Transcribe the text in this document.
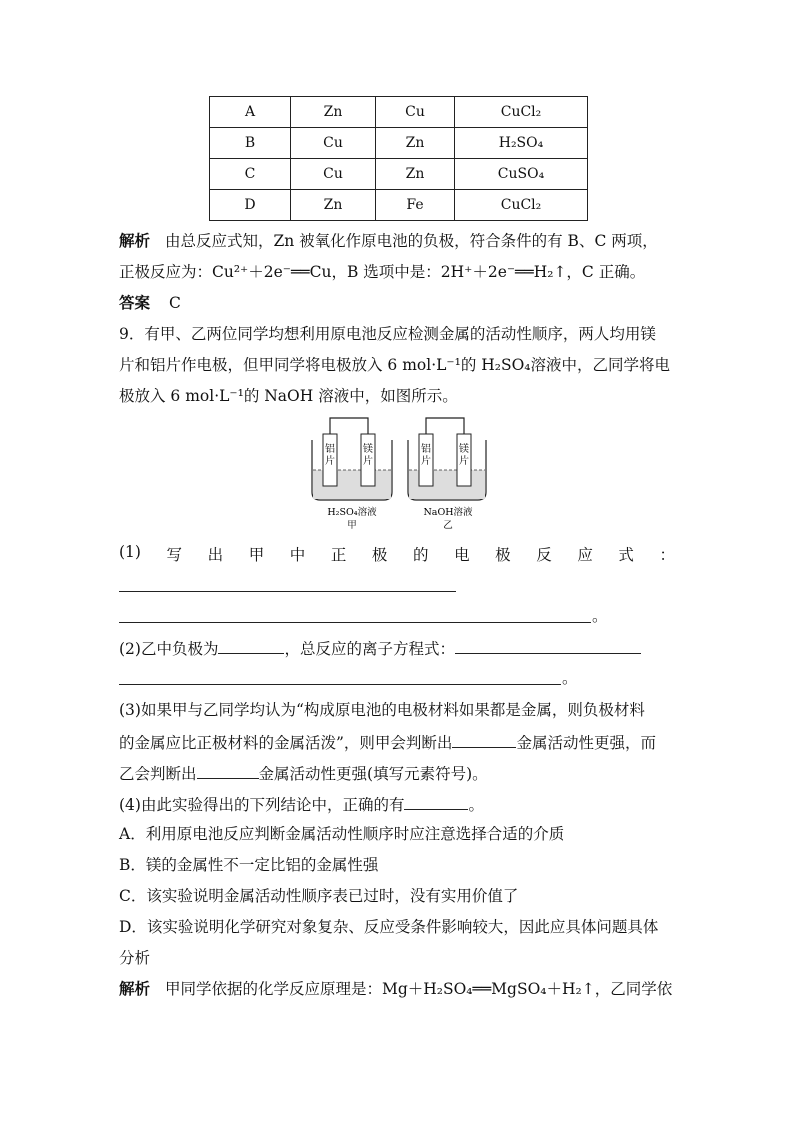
A	Zn	Cu	CuCl₂
B	Cu	Zn	H₂SO₄
C	Cu	Zn	CuSO₄
D	Zn	Fe	CuCl₂
解析 由总反应式知，Zn 被氧化作原电池的负极，符合条件的有 B、C 两项，
正极反应为：Cu²⁺＋2e⁻══Cu，B 选项中是：2H⁺＋2e⁻══H₂↑，C 正确。
答案 C
9．有甲、乙两位同学均想利用原电池反应检测金属的活动性顺序，两人均用镁
片和铝片作电极，但甲同学将电极放入 6 mol·L⁻¹的 H₂SO₄溶液中，乙同学将电
极放入 6 mol·L⁻¹的 NaOH 溶液中，如图所示。
铝
片
镁
片
H₂SO₄溶液
甲
铝
片
镁
片
NaOH溶液
乙
(1) 写 出 甲 中 正 极 的 电 极 反 应 式 ：
。
(2)乙中负极为	，总反应的离子方程式：
。
(3)如果甲与乙同学均认为“构成原电池的电极材料如果都是金属，则负极材料
的金属应比正极材料的金属活泼”，则甲会判断出	金属活动性更强，而
乙会判断出	金属活动性更强(填写元素符号)。
(4)由此实验得出的下列结论中，正确的有	。
A．利用原电池反应判断金属活动性顺序时应注意选择合适的介质
B．镁的金属性不一定比铝的金属性强
C．该实验说明金属活动性顺序表已过时，没有实用价值了
D．该实验说明化学研究对象复杂、反应受条件影响较大，因此应具体问题具体
分析
解析 甲同学依据的化学反应原理是：Mg＋H₂SO₄══MgSO₄＋H₂↑，乙同学依
